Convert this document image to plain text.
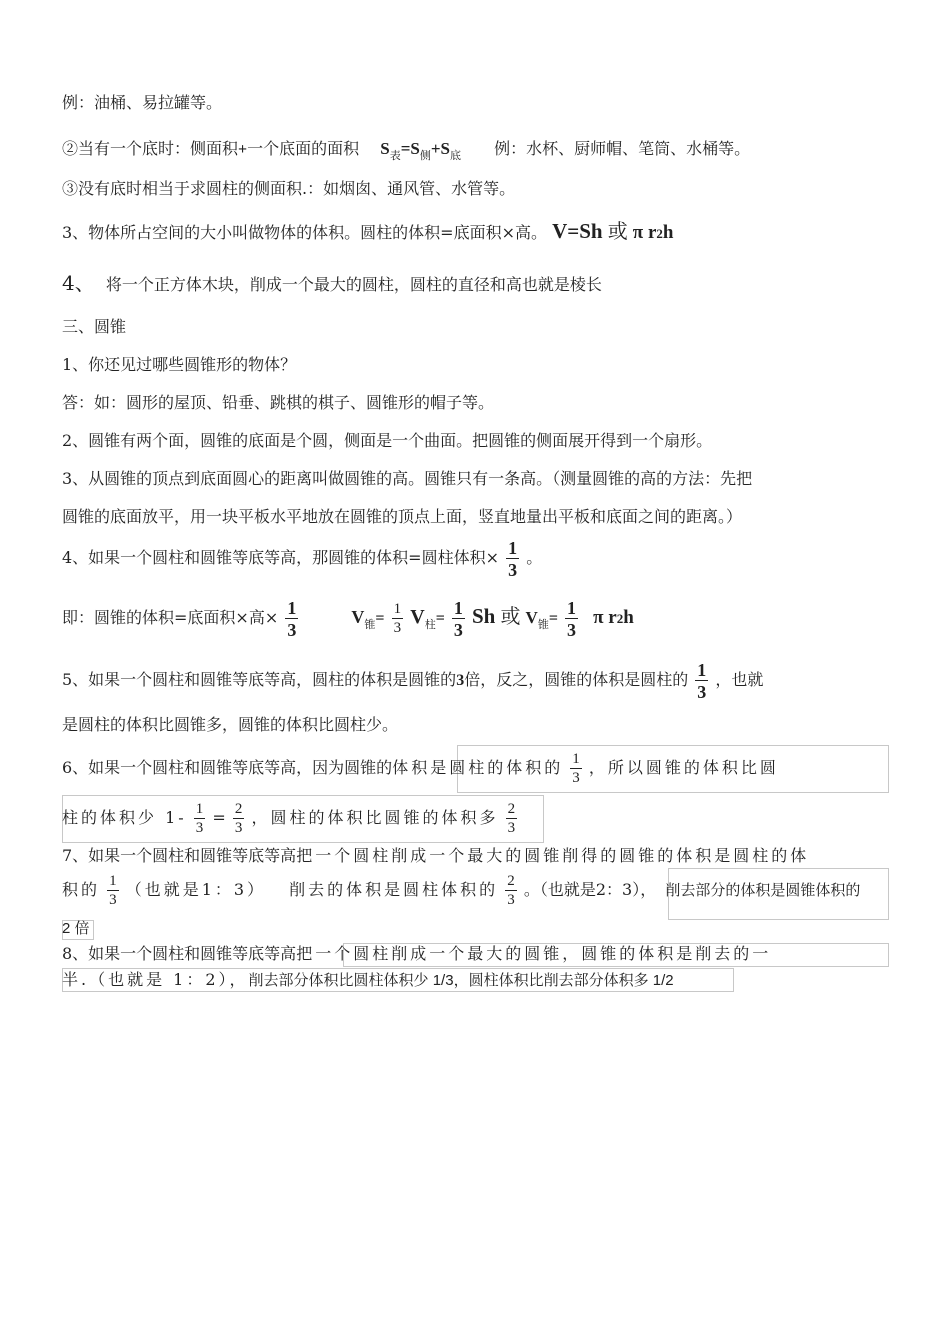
例：油桶、易拉罐等。
②当有一个底时：侧面积+一个底面的面积 $S_表=S_侧+S_底$ 例：水杯、厨师帽、笔筒、水桶等。
③没有底时相当于求圆柱的侧面积.：如烟囱、通风管、水管等。
3、物体所占空间的大小叫做物体的体积。圆柱的体积=底面积×高。 V=Sh 或 π r2h
4、 将一个正方体木块，削成一个最大的圆柱，圆柱的直径和高也就是棱长
三、圆锥
1、你还见过哪些圆锥形的物体？
答：如：圆形的屋顶、铅垂、跳棋的棋子、圆锥形的帽子等。
2、圆锥有两个面，圆锥的底面是个圆，侧面是一个曲面。把圆锥的侧面展开得到一个扇形。
3、从圆锥的顶点到底面圆心的距离叫做圆锥的高。圆锥只有一条高。（测量圆锥的高的方法：先把
圆锥的底面放平，用一块平板水平地放在圆锥的顶点上面，竖直地量出平板和底面之间的距离。）
4、如果一个圆柱和圆锥等底等高，那圆锥的体积=圆柱体积× $\frac{1}{3}$ 。
即：圆锥的体积=底面积×高× $\frac{1}{3}$	$V_锥= \frac{1}{3} V_柱= \frac{1}{3}$ Sh 或 $V_锥= \frac{1}{3}$ π r2h
5、如果一个圆柱和圆锥等底等高，圆柱的体积是圆锥的3倍，反之，圆锥的体积是圆柱的 $\frac{1}{3}$ ，也就
是圆柱的体积比圆锥多，圆锥的体积比圆柱少。
6、如果一个圆柱和圆锥等底等高，因为圆锥的体积是圆柱的体积的 $\frac{1}{3}$ ，所以圆锥的体积比圆
柱的体积少 $1- \frac{1}{3} = \frac{2}{3}$ ，圆柱的体积比圆锥的体积多 $\frac{2}{3}$
7、如果一个圆柱和圆锥等底等高把一个圆柱削成一个最大的圆锥削得的圆锥的体积是圆柱的体
积的 $\frac{1}{3}$ （也就是1：3） 削去的体积是圆柱体积的 $\frac{2}{3}$ 。（也就是2：3）， 削去部分的体积是圆锥体积的
2 倍
8、如果一个圆柱和圆锥等底等高把一个圆柱削成一个最大的圆锥，圆锥的体积是削去的一
半.（也就是 1：2），削去部分体积比圆柱体积少 1/3，圆柱体积比削去部分体积多 1/2
